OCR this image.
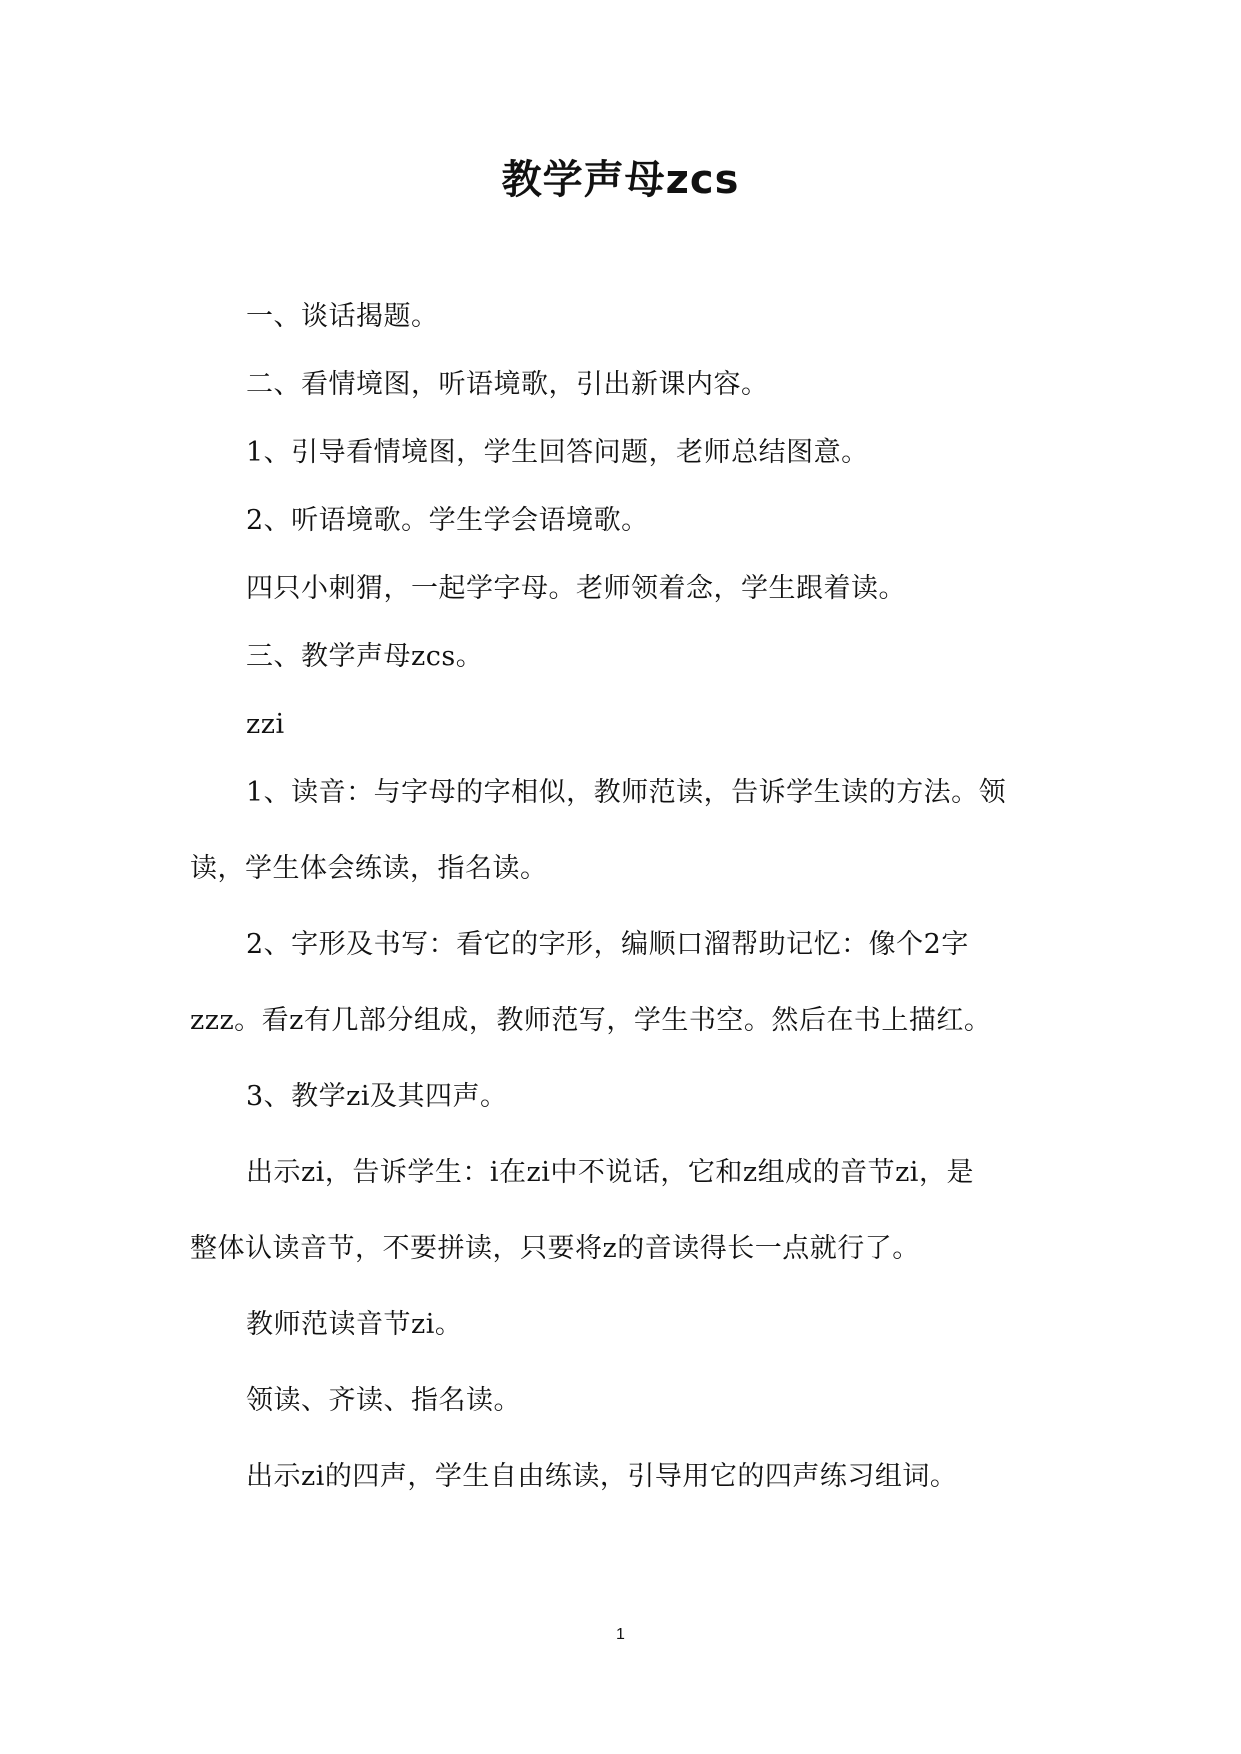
教学声母zcs
一、谈话揭题。
二、看情境图，听语境歌，引出新课内容。
1、引导看情境图，学生回答问题，老师总结图意。
2、听语境歌。学生学会语境歌。
四只小刺猬，一起学字母。老师领着念，学生跟着读。
三、教学声母zcs。
zzi
1、读音：与字母的字相似，教师范读，告诉学生读的方法。领
读，学生体会练读，指名读。
2、字形及书写：看它的字形，编顺口溜帮助记忆：像个2字
zzz。看z有几部分组成，教师范写，学生书空。然后在书上描红。
3、教学zi及其四声。
出示zi，告诉学生：i在zi中不说话，它和z组成的音节zi，是
整体认读音节，不要拼读，只要将z的音读得长一点就行了。
教师范读音节zi。
领读、齐读、指名读。
出示zi的四声，学生自由练读，引导用它的四声练习组词。
1
